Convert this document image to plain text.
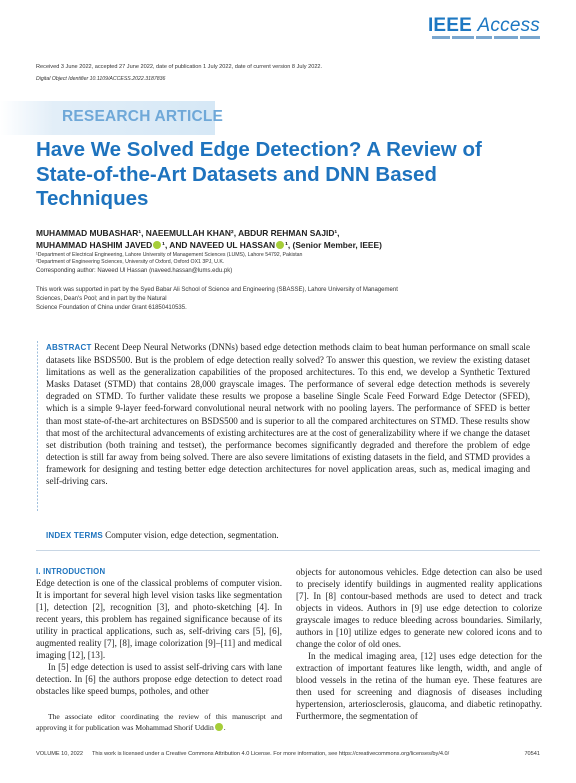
IEEE Access
Received 3 June 2022, accepted 27 June 2022, date of publication 1 July 2022, date of current version 8 July 2022.
Digital Object Identifier 10.1109/ACCESS.2022.3187836
RESEARCH ARTICLE
Have We Solved Edge Detection? A Review of State-of-the-Art Datasets and DNN Based Techniques
MUHAMMAD MUBASHAR¹, NAEEMULLAH KHAN², ABDUR REHMAN SAJID¹,
MUHAMMAD HASHIM JAVED ¹, AND NAVEED UL HASSAN ¹, (Senior Member, IEEE)
¹Department of Electrical Engineering, Lahore University of Management Sciences (LUMS), Lahore 54792, Pakistan
²Department of Engineering Sciences, University of Oxford, Oxford OX1 3PJ, U.K.
Corresponding author: Naveed Ul Hassan (naveed.hassan@lums.edu.pk)
This work was supported in part by the Syed Babar Ali School of Science and Engineering (SBASSE), Lahore University of Management
Sciences, Dean's Pool; and in part by the Natural
Science Foundation of China under Grant 61850410535.
ABSTRACT Recent Deep Neural Networks (DNNs) based edge detection methods claim to beat human performance on small scale datasets like BSDS500. But is the problem of edge detection really solved? To answer this question, we review the existing dataset limitations as well as the generalization capabilities of the proposed architectures. To this end, we develop a Synthetic Textured Masks Dataset (STMD) that contains 28,000 grayscale images. The performance of several edge detection methods is severely degraded on STMD. To further validate these results we propose a baseline Single Scale Feed Forward Edge Detector (SFED), which is a simple 9-layer feed-forward convolutional neural network with no pooling layers. The performance of SFED is better than most state-of-the-art architectures on BSDS500 and is superior to all the compared architectures on STMD. These results show that most of the architectural advancements of existing architectures are at the cost of generalizability where if we change the dataset set distribution (both training and testset), the performance becomes significantly degraded and therefore the problem of edge detection is still far away from being solved. There are also severe limitations of existing datasets in the field, and STMD provides a framework for designing and testing better edge detection architectures for novel application areas, such as, medical imaging and self-driving cars.
INDEX TERMS Computer vision, edge detection, segmentation.
I. INTRODUCTION

Edge detection is one of the classical problems of computer vision. It is important for several high level vision tasks like segmentation [1], detection [2], recognition [3], and photo-sketching [4]. In recent years, this problem has regained significance because of its utility in practical applications, such as, self-driving cars [5], [6], augmented reality [7], [8], image colorization [9]–[11] and medical imaging [12], [13].

In [5] edge detection is used to assist self-driving cars with lane detection. In [6] the authors propose edge detection to detect road obstacles like speed bumps, potholes, and other

objects for autonomous vehicles. Edge detection can also be used to precisely identify buildings in augmented reality applications [7]. In [8] contour-based methods are used to detect and track objects in videos. Authors in [9] use edge detection to colorize grayscale images to reduce bleeding across boundaries. Similarly, authors in [10] utilize edges to generate new colored icons and to change the color of old ones.

In the medical imaging area, [12] uses edge detection for the extraction of important features like length, width, and angle of blood vessels in the retina of the human eye. These features are then used for screening and diagnosis of diseases including hypertension, arteriosclerosis, glaucoma, and diabetic retinopathy. Furthermore, the segmentation of

The associate editor coordinating the review of this manuscript and approving it for publication was Mohammad Shorif Uddin .
VOLUME 10, 2022 This work is licensed under a Creative Commons Attribution 4.0 License. For more information, see https://creativecommons.org/licenses/by/4.0/	70541
